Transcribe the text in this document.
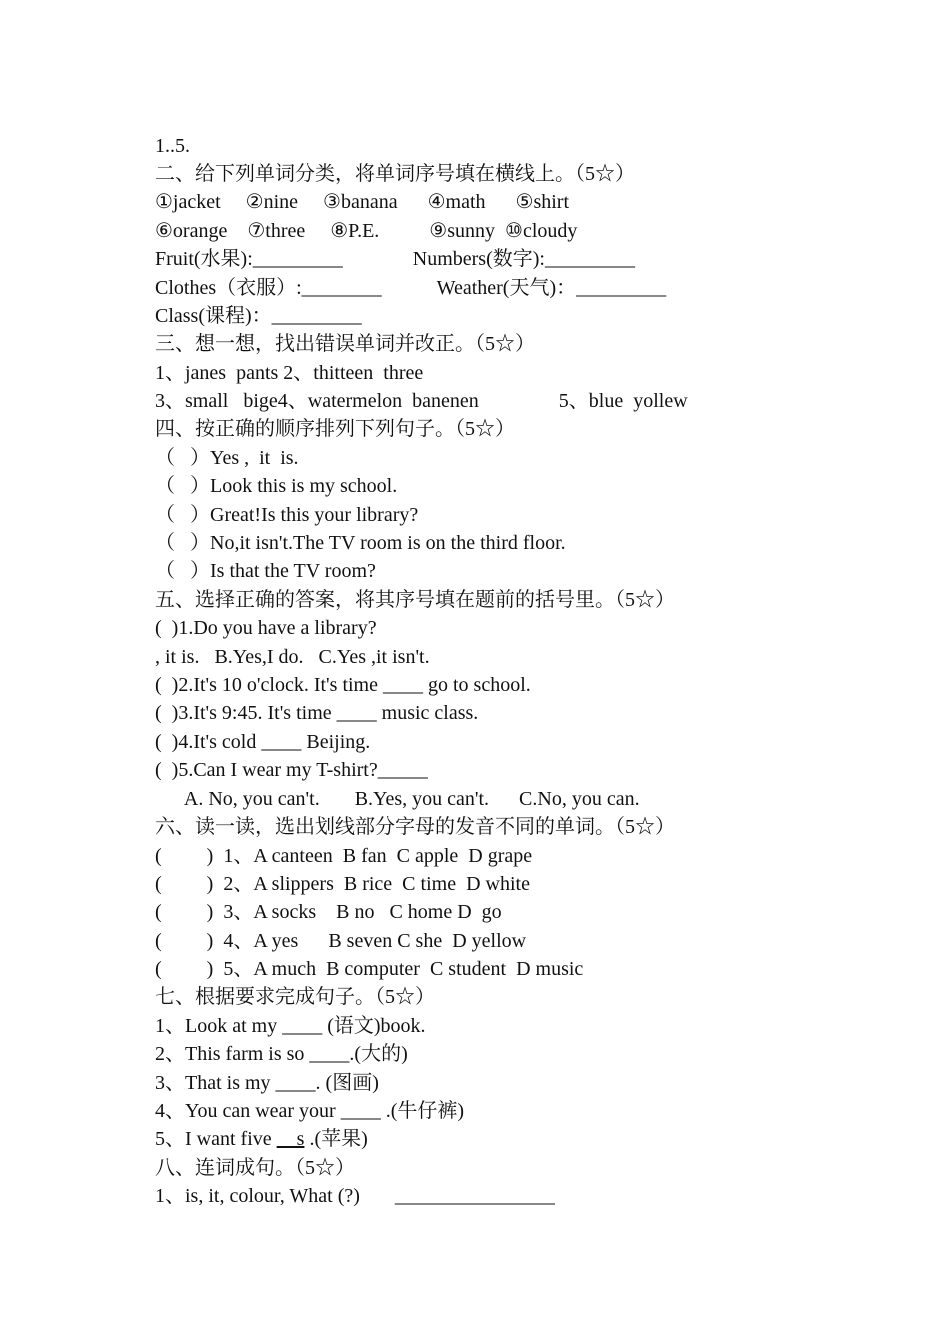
1..5.
二、给下列单词分类，将单词序号填在横线上。（5☆）
①jacket     ②nine     ③banana      ④math      ⑤shirt
⑥orange    ⑦three     ⑧P.E.          ⑨sunny  ⑩cloudy
Fruit(水果):_________              Numbers(数字):_________
Clothes（衣服）:________           Weather(天气)：_________
Class(课程)：_________
三、想一想，找出错误单词并改正。（5☆）
1、janes  pants 2、thitteen  three
3、small   bige4、watermelon  banenen                5、blue  yollew
四、按正确的顺序排列下列句子。（5☆）
（   ）Yes ,  it  is.
（   ）Look this is my school.
（   ）Great!Is this your library?
（   ）No,it isn't.The TV room is on the third floor.
（   ）Is that the TV room?
五、选择正确的答案，将其序号填在题前的括号里。（5☆）
(  )1.Do you have a library?
, it is.   B.Yes,I do.   C.Yes ,it isn't.
(  )2.It's 10 o'clock. It's time ____ go to school.
(  )3.It's 9:45. It's time ____ music class.
(  )4.It's cold ____ Beijing.
(  )5.Can I wear my T-shirt?_____
A. No, you can't.       B.Yes, you can't.      C.No, you can.
六、读一读，选出划线部分字母的发音不同的单词。（5☆）
(         )  1、A canteen  B fan  C apple  D grape
(         )  2、A slippers  B rice  C time  D white
(         )  3、A socks    B no   C home D  go
(         )  4、A yes      B seven C she  D yellow
(         )  5、A much  B computer  C student  D music
七、根据要求完成句子。（5☆）
1、Look at my ____ (语文)book.
2、This farm is so ____.(大的)
3、That is my ____. (图画)
4、You can wear your ____ .(牛仔裤)
5、I want five     s .(苹果)
八、连词成句。（5☆）
1、is, it, colour, What (?)       ________________
